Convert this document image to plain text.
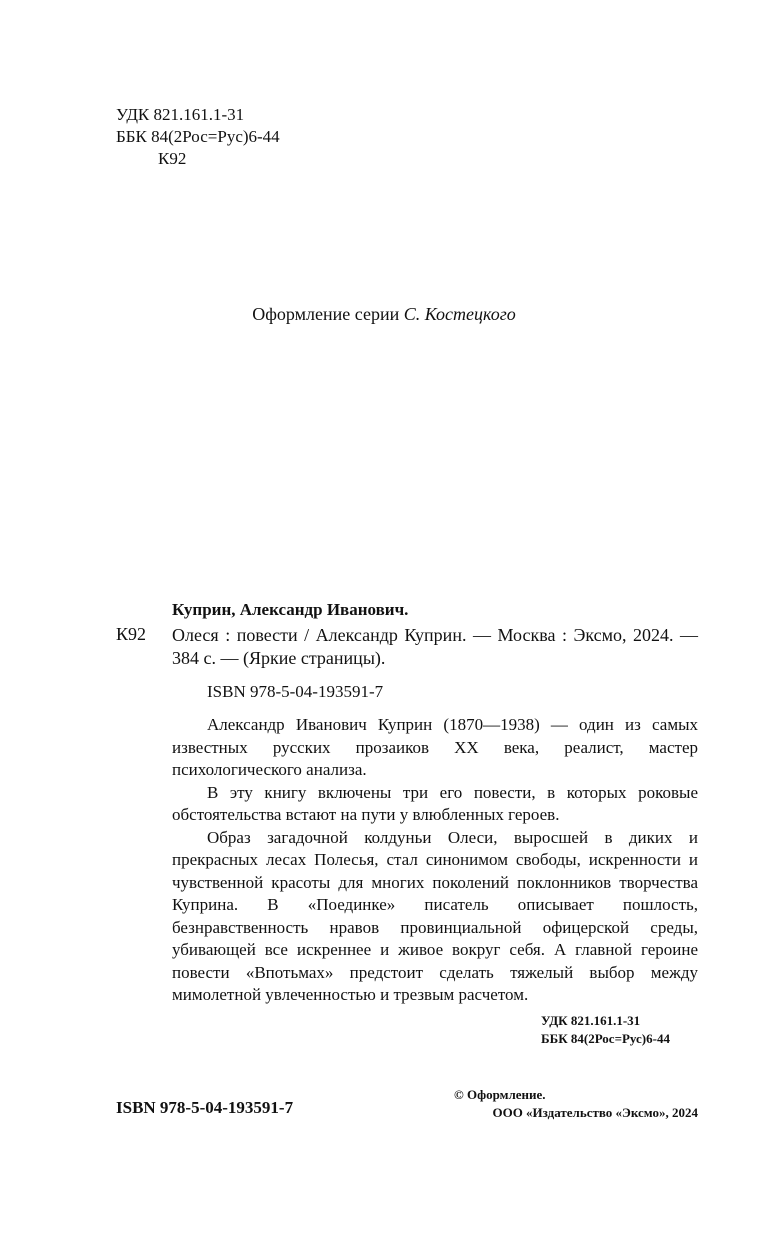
УДК 821.161.1-31
ББК 84(2Рос=Рус)6-44
К92
Оформление серии С. Костецкого
Куприн, Александр Иванович.
К92 Олеся : повести / Александр Куприн. — Москва : Эксмо, 2024. — 384 с. — (Яркие страницы).

ISBN 978-5-04-193591-7

Александр Иванович Куприн (1870—1938) — один из самых известных русских прозаиков XX века, реалист, мастер психологического анализа.

В эту книгу включены три его повести, в которых роковые обстоятельства встают на пути у влюбленных героев.

Образ загадочной колдуньи Олеси, выросшей в диких и прекрасных лесах Полесья, стал синонимом свободы, искренности и чувственной красоты для многих поколений поклонников творчества Куприна. В «Поединке» писатель описывает пошлость, безнравственность нравов провинциальной офицерской среды, убивающей все искреннее и живое вокруг себя. А главной героине повести «Впотьмах» предстоит сделать тяжелый выбор между мимолетной увлеченностью и трезвым расчетом.

УДК 821.161.1-31
ББК 84(2Рос=Рус)6-44
ISBN 978-5-04-193591-7
© Оформление.
ООО «Издательство «Эксмо», 2024
